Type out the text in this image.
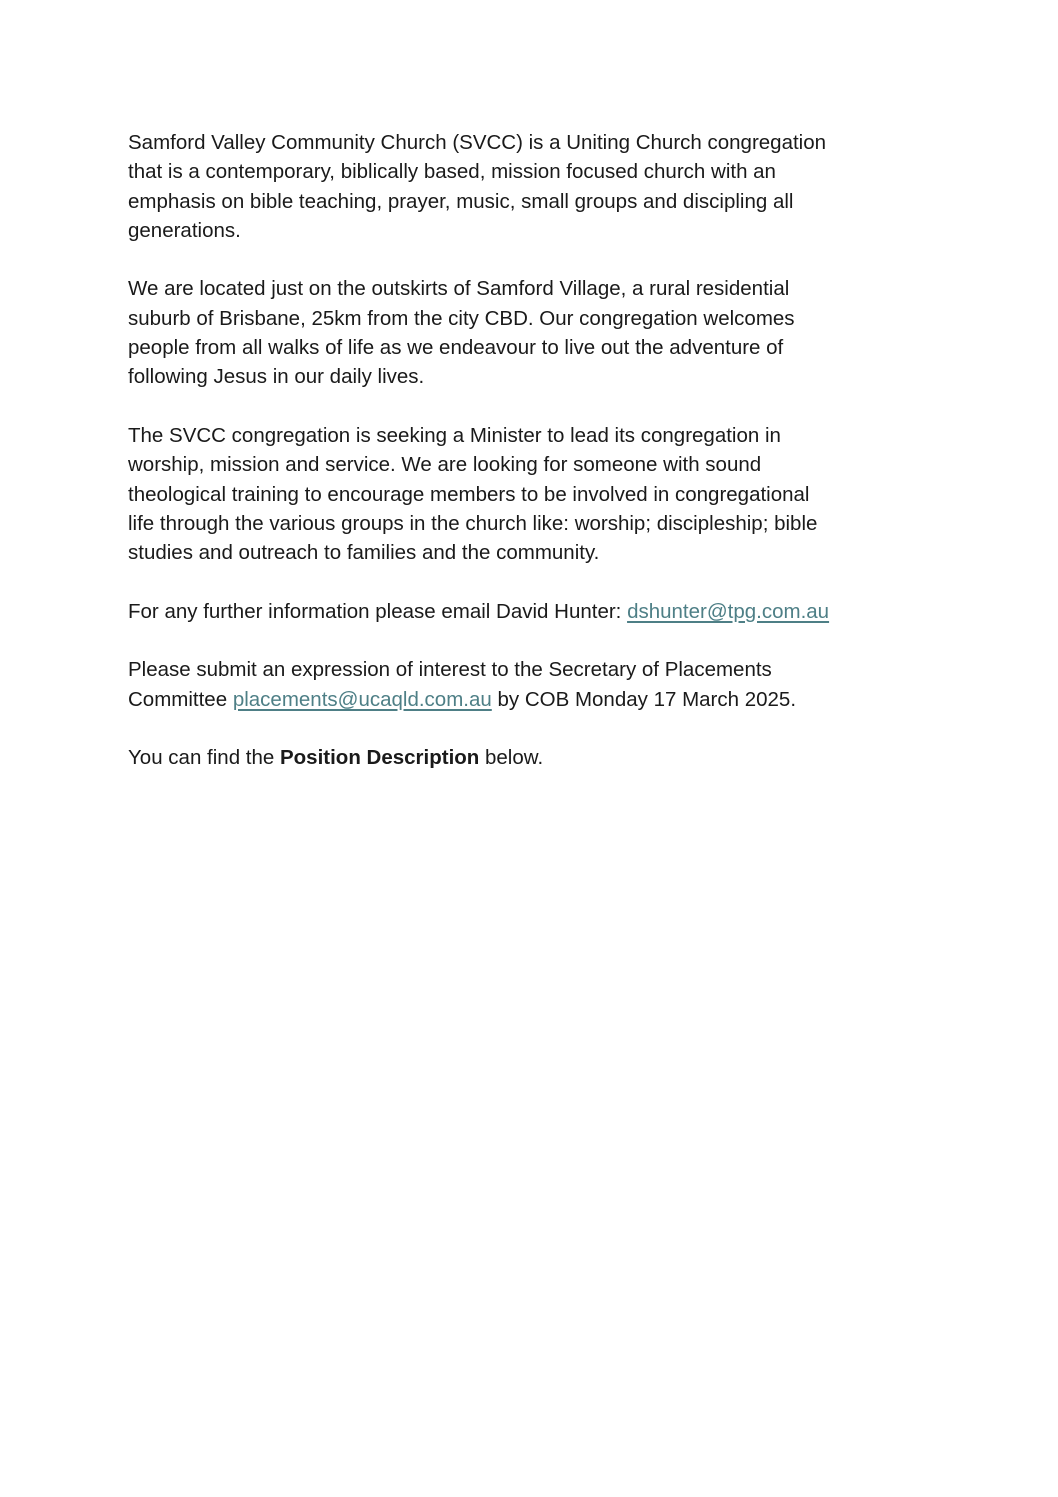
Samford Valley Community Church (SVCC) is a Uniting Church congregation
that is a contemporary, biblically based, mission focused church with an
emphasis on bible teaching, prayer, music, small groups and discipling all
generations.

We are located just on the outskirts of Samford Village, a rural residential
suburb of Brisbane, 25km from the city CBD. Our congregation welcomes
people from all walks of life as we endeavour to live out the adventure of
following Jesus in our daily lives.

The SVCC congregation is seeking a Minister to lead its congregation in
worship, mission and service. We are looking for someone with sound
theological training to encourage members to be involved in congregational
life through the various groups in the church like: worship; discipleship; bible
studies and outreach to families and the community.

For any further information please email David Hunter: dshunter@tpg.com.au

Please submit an expression of interest to the Secretary of Placements
Committee placements@ucaqld.com.au by COB Monday 17 March 2025.

You can find the Position Description below.
